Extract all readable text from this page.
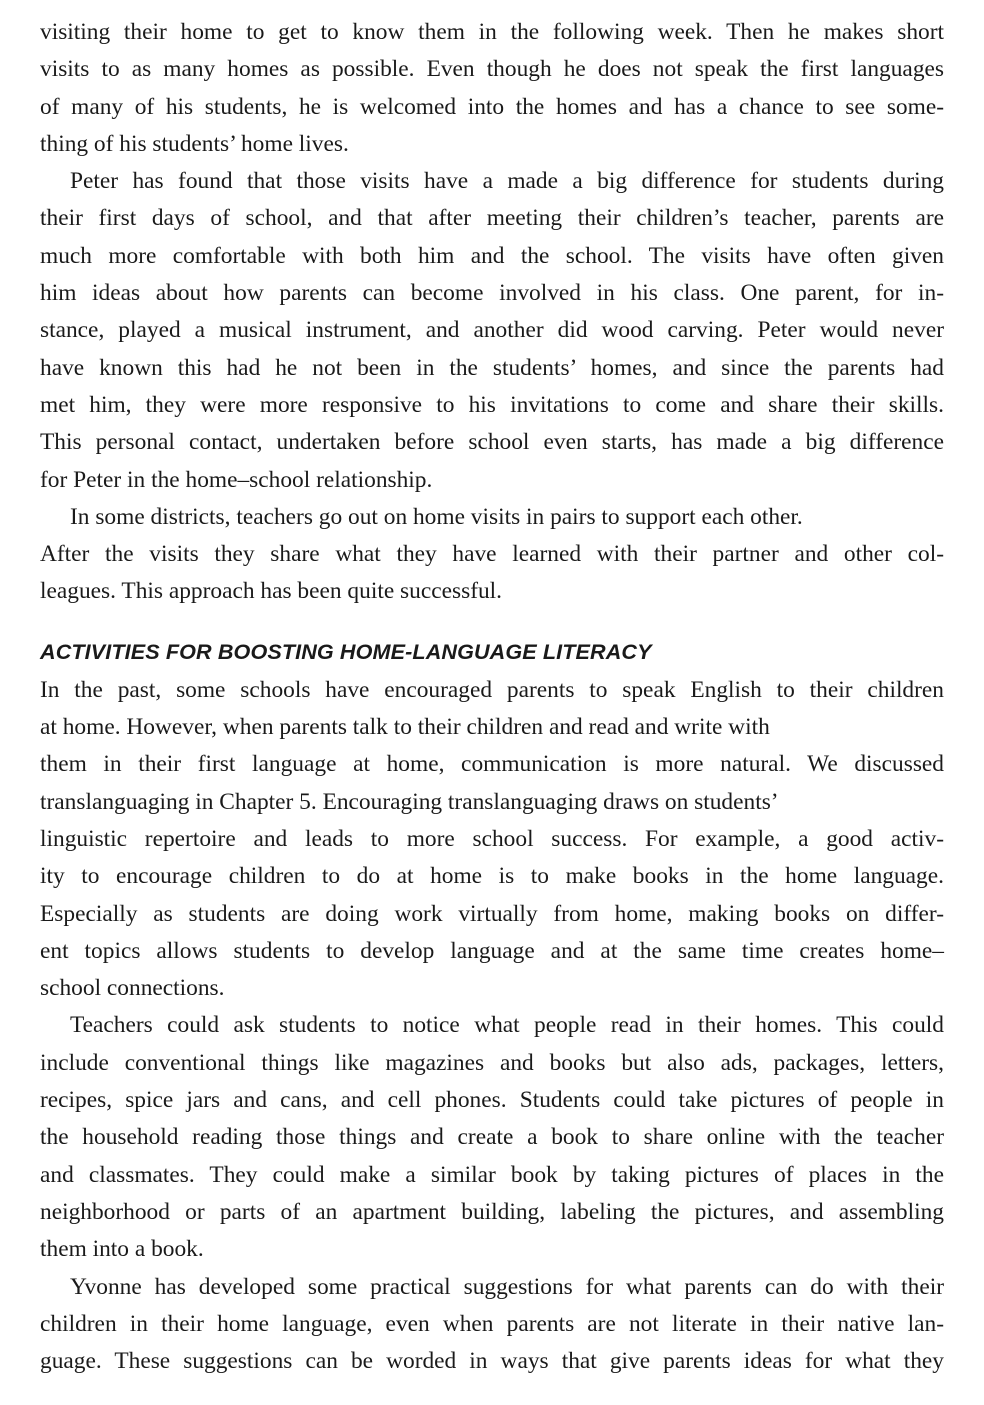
visiting their home to get to know them in the following week. Then he makes short
visits to as many homes as possible. Even though he does not speak the first languages
of many of his students, he is welcomed into the homes and has a chance to see some-
thing of his students’ home lives.
Peter has found that those visits have a made a big difference for students during
their first days of school, and that after meeting their children’s teacher, parents are
much more comfortable with both him and the school. The visits have often given
him ideas about how parents can become involved in his class. One parent, for in-
stance, played a musical instrument, and another did wood carving. Peter would never
have known this had he not been in the students’ homes, and since the parents had
met him, they were more responsive to his invitations to come and share their skills.
This personal contact, undertaken before school even starts, has made a big difference
for Peter in the home–school relationship.
In some districts, teachers go out on home visits in pairs to support each other.
After the visits they share what they have learned with their partner and other col-
leagues. This approach has been quite successful.
ACTIVITIES FOR BOOSTING HOME-LANGUAGE LITERACY
In the past, some schools have encouraged parents to speak English to their children
at home. However, when parents talk to their children and read and write with
them in their first language at home, communication is more natural. We discussed
translanguaging in Chapter 5. Encouraging translanguaging draws on students’
linguistic repertoire and leads to more school success. For example, a good activ-
ity to encourage children to do at home is to make books in the home language.
Especially as students are doing work virtually from home, making books on differ-
ent topics allows students to develop language and at the same time creates home–
school connections.
Teachers could ask students to notice what people read in their homes. This could
include conventional things like magazines and books but also ads, packages, letters,
recipes, spice jars and cans, and cell phones. Students could take pictures of people in
the household reading those things and create a book to share online with the teacher
and classmates. They could make a similar book by taking pictures of places in the
neighborhood or parts of an apartment building, labeling the pictures, and assembling
them into a book.
Yvonne has developed some practical suggestions for what parents can do with their
children in their home language, even when parents are not literate in their native lan-
guage. These suggestions can be worded in ways that give parents ideas for what they
